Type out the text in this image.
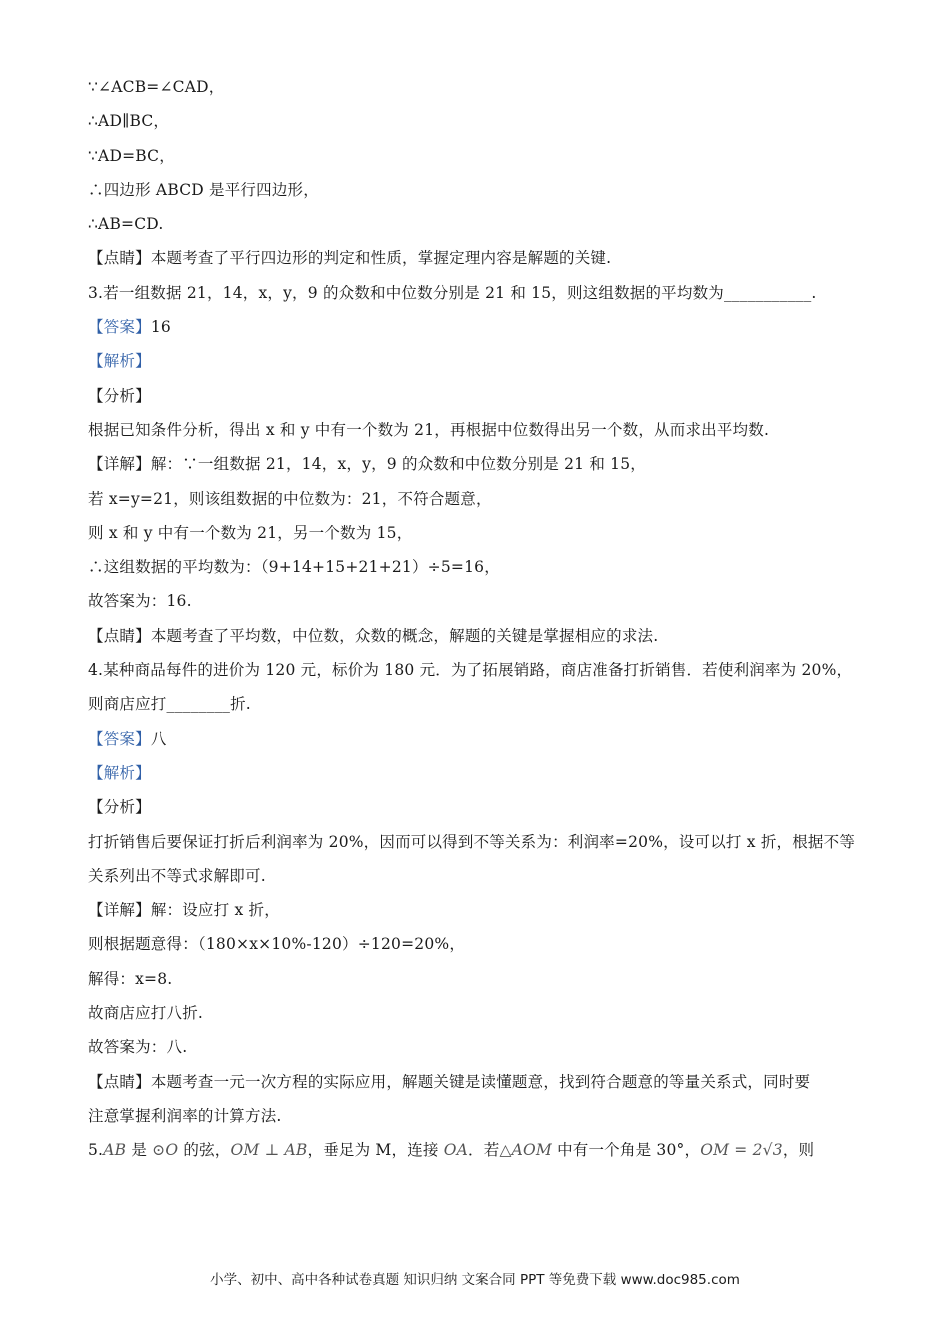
∵∠ACB=∠CAD，
∴AD∥BC，
∵AD=BC，
∴四边形 ABCD 是平行四边形，
∴AB=CD.
【点睛】本题考查了平行四边形的判定和性质，掌握定理内容是解题的关键.
3.若一组数据 21，14，x，y，9 的众数和中位数分别是 21 和 15，则这组数据的平均数为___________.
【答案】16
【解析】
【分析】
根据已知条件分析，得出 x 和 y 中有一个数为 21，再根据中位数得出另一个数，从而求出平均数.
【详解】解：∵一组数据 21，14，x，y，9 的众数和中位数分别是 21 和 15，
若 x=y=21，则该组数据的中位数为：21，不符合题意，
则 x 和 y 中有一个数为 21，另一个数为 15，
∴这组数据的平均数为：（9+14+15+21+21）÷5=16，
故答案为：16.
【点睛】本题考查了平均数，中位数，众数的概念，解题的关键是掌握相应的求法.
4.某种商品每件的进价为 120 元，标价为 180 元．为了拓展销路，商店准备打折销售．若使利润率为 20%，
则商店应打________折.
【答案】八
【解析】
【分析】
打折销售后要保证打折后利润率为 20%，因而可以得到不等关系为：利润率=20%，设可以打 x 折，根据不等
关系列出不等式求解即可.
【详解】解：设应打 x 折，
则根据题意得：（180×x×10%-120）÷120=20%，
解得：x=8.
故商店应打八折.
故答案为：八.
【点睛】本题考查一元一次方程的实际应用，解题关键是读懂题意，找到符合题意的等量关系式，同时要
注意掌握利润率的计算方法.
5.AB 是 ⊙O 的弦，OM ⊥ AB，垂足为 M，连接 OA．若△AOM 中有一个角是 30°，OM = 2√3，则
小学、初中、高中各种试卷真题 知识归纳 文案合同 PPT 等免费下载 www.doc985.com
